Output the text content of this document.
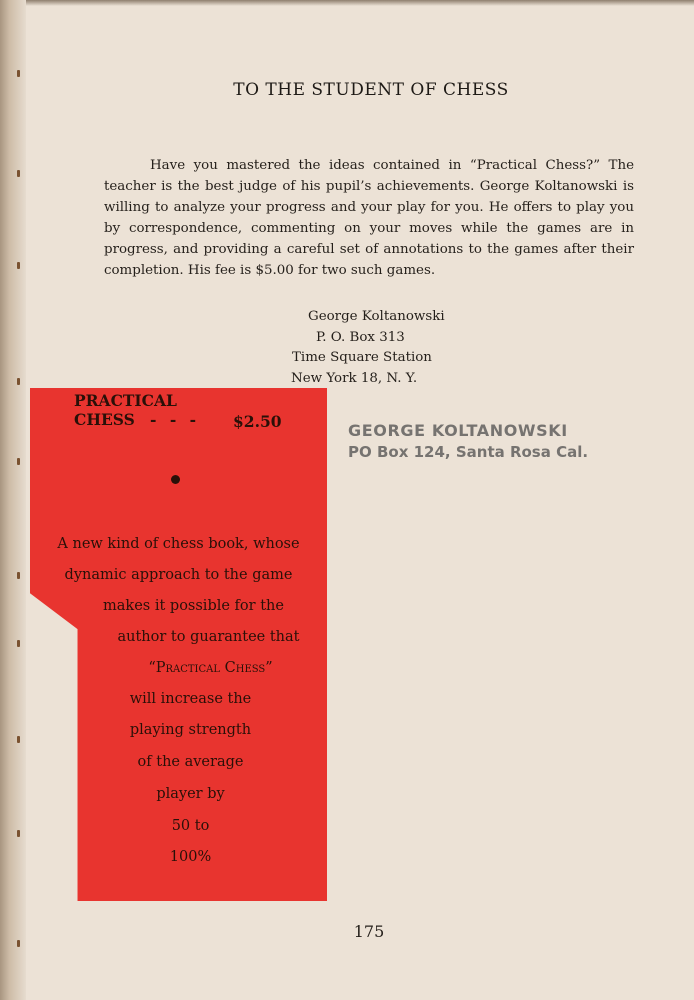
TO THE STUDENT OF CHESS
Have you mastered the ideas contained in “Practical Chess?” The teacher is the best judge of his pupil’s achievements. George Koltanowski is willing to analyze your progress and your play for you. He offers to play you by correspondence, commenting on your moves while the games are in progress, and providing a careful set of annotations to the games after their completion. His fee is $5.00 for two such games.
George Koltanowski
P. O. Box 313
Time Square Station
New York 18, N. Y.
GEORGE KOLTANOWSKI
PO Box 124, Santa Rosa Cal.
PRACTICAL
CHESS - - - $2.50
A new kind of chess book, whose
dynamic approach to the game
makes it possible for the
author to guarantee that
“Practical Chess”
will increase the
playing strength
of the average
player by
50 to
100%
175
